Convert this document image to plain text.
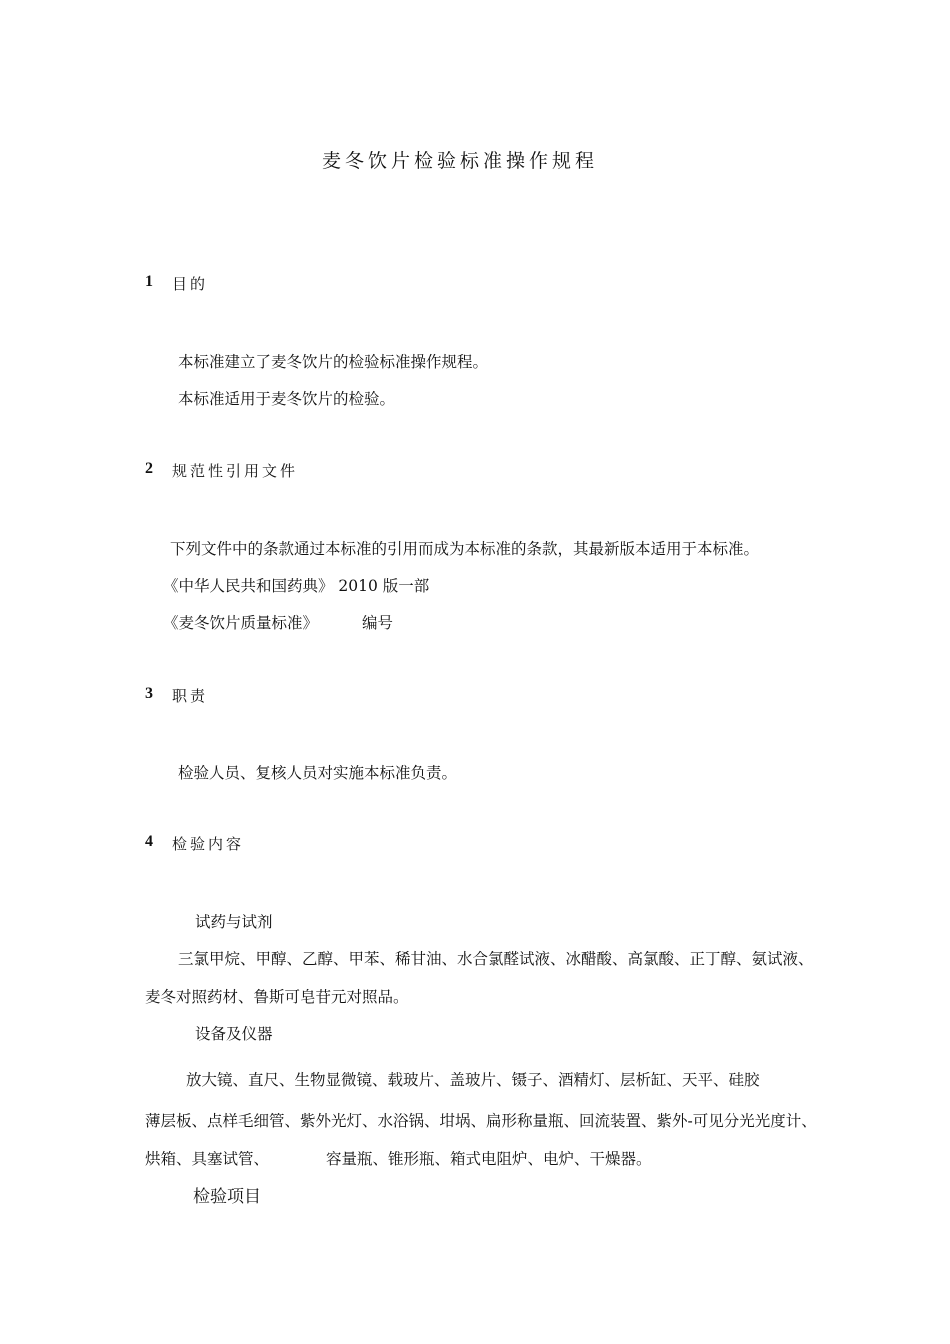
麦冬饮片检验标准操作规程
1 目的
本标准建立了麦冬饮片的检验标准操作规程。
本标准适用于麦冬饮片的检验。
2 规范性引用文件
下列文件中的条款通过本标准的引用而成为本标准的条款，其最新版本适用于本标准。
《中华人民共和国药典》 2010 版一部
《麦冬饮片质量标准》	编号
3 职责
检验人员、复核人员对实施本标准负责。
4 检验内容
试药与试剂
三氯甲烷、甲醇、乙醇、甲苯、稀甘油、水合氯醛试液、冰醋酸、高氯酸、正丁醇、氨试液、
麦冬对照药材、鲁斯可皂苷元对照品。
设备及仪器
放大镜、直尺、生物显微镜、载玻片、盖玻片、镊子、酒精灯、层析缸、天平、硅胶
薄层板、点样毛细管、紫外光灯、水浴锅、坩埚、扁形称量瓶、回流装置、紫外-可见分光光度计、
烘箱、具塞试管、	容量瓶、锥形瓶、箱式电阻炉、电炉、干燥器。
检验项目
